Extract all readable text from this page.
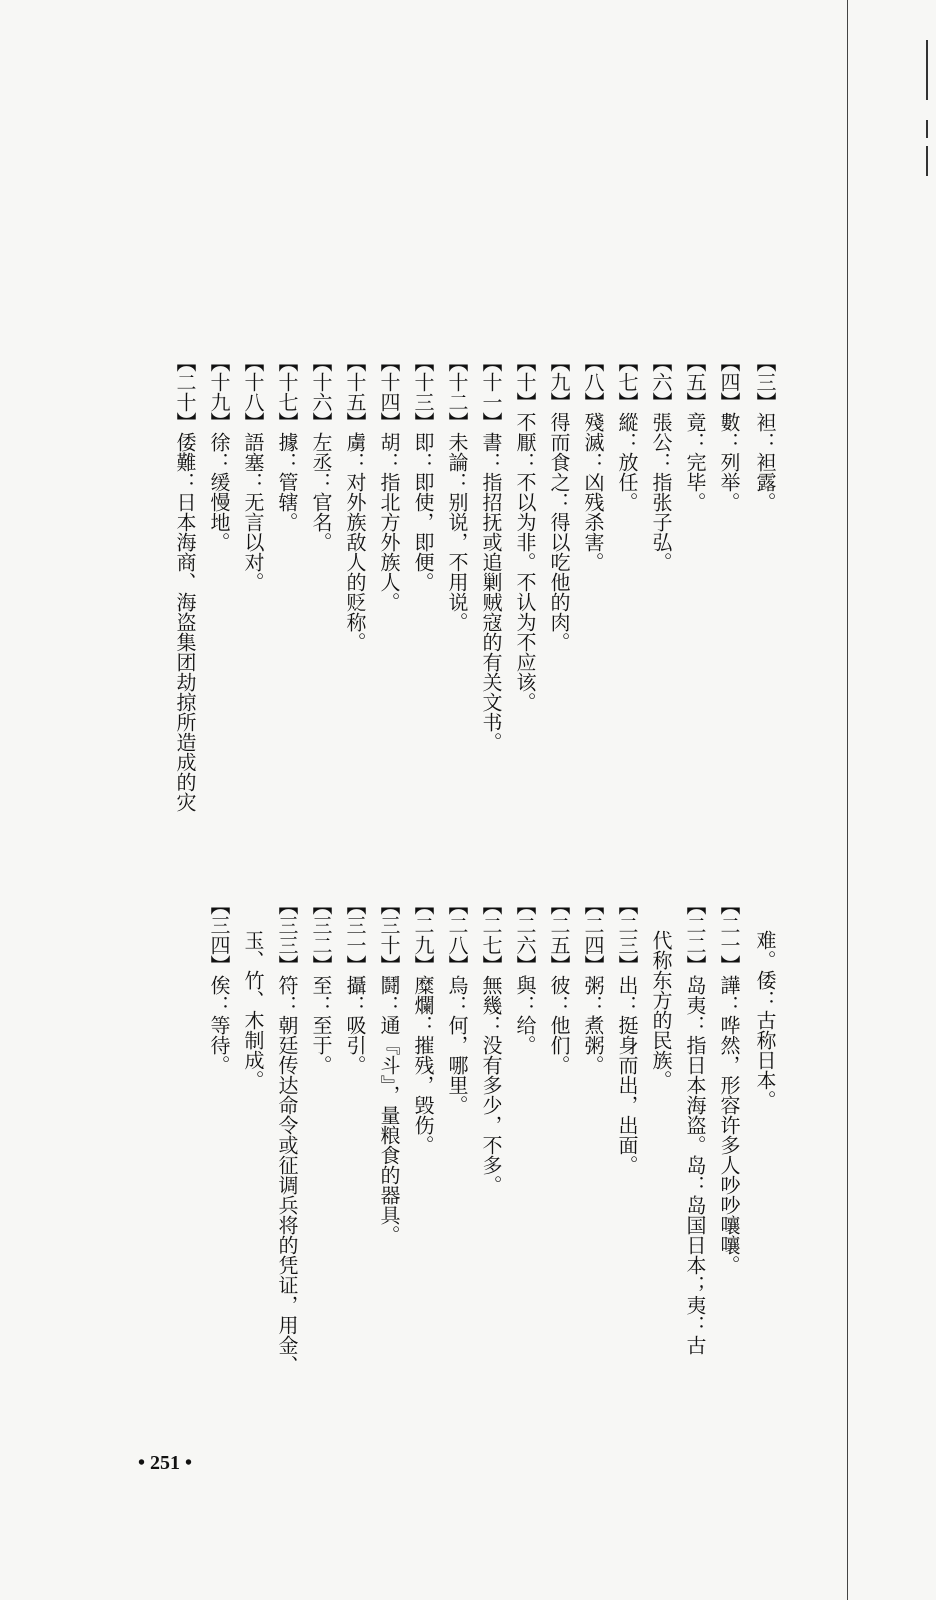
【三】袒：袒露。
【四】數：列举。
【五】竟：完毕。
【六】張公：指张子弘。
【七】縱：放任。
【八】殘滅：凶残杀害。
【九】得而食之：得以吃他的肉。
【十】不厭：不以为非。不认为不应该。
【十一】書：指招抚或追剿贼寇的有关文书。
【十二】未論：别说，不用说。
【十三】即：即使，即便。
【十四】胡：指北方外族人。
【十五】虜：对外族敌人的贬称。
【十六】左丞：官名。
【十七】據：管辖。
【十八】語塞：无言以对。
【十九】徐：缓慢地。
【二十】倭難：日本海商、海盗集团劫掠所造成的灾
难。倭：古称日本。
【二一】譁：哗然，形容许多人吵吵嚷嚷。
【二二】岛夷：指日本海盗。岛：岛国日本；夷：古
代称东方的民族。
【二三】出：挺身而出，出面。
【二四】粥：煮粥。
【二五】彼：他们。
【二六】與：给。
【二七】無幾：没有多少，不多。
【二八】烏：何，哪里。
【二九】糜爛：摧残，毁伤。
【三十】鬪：通『斗』，量粮食的器具。
【三一】攝：吸引。
【三二】至：至于。
【三三】符：朝廷传达命令或征调兵将的凭证，用金、
玉、竹、木制成。
【三四】俟：等待。
• 251 •
